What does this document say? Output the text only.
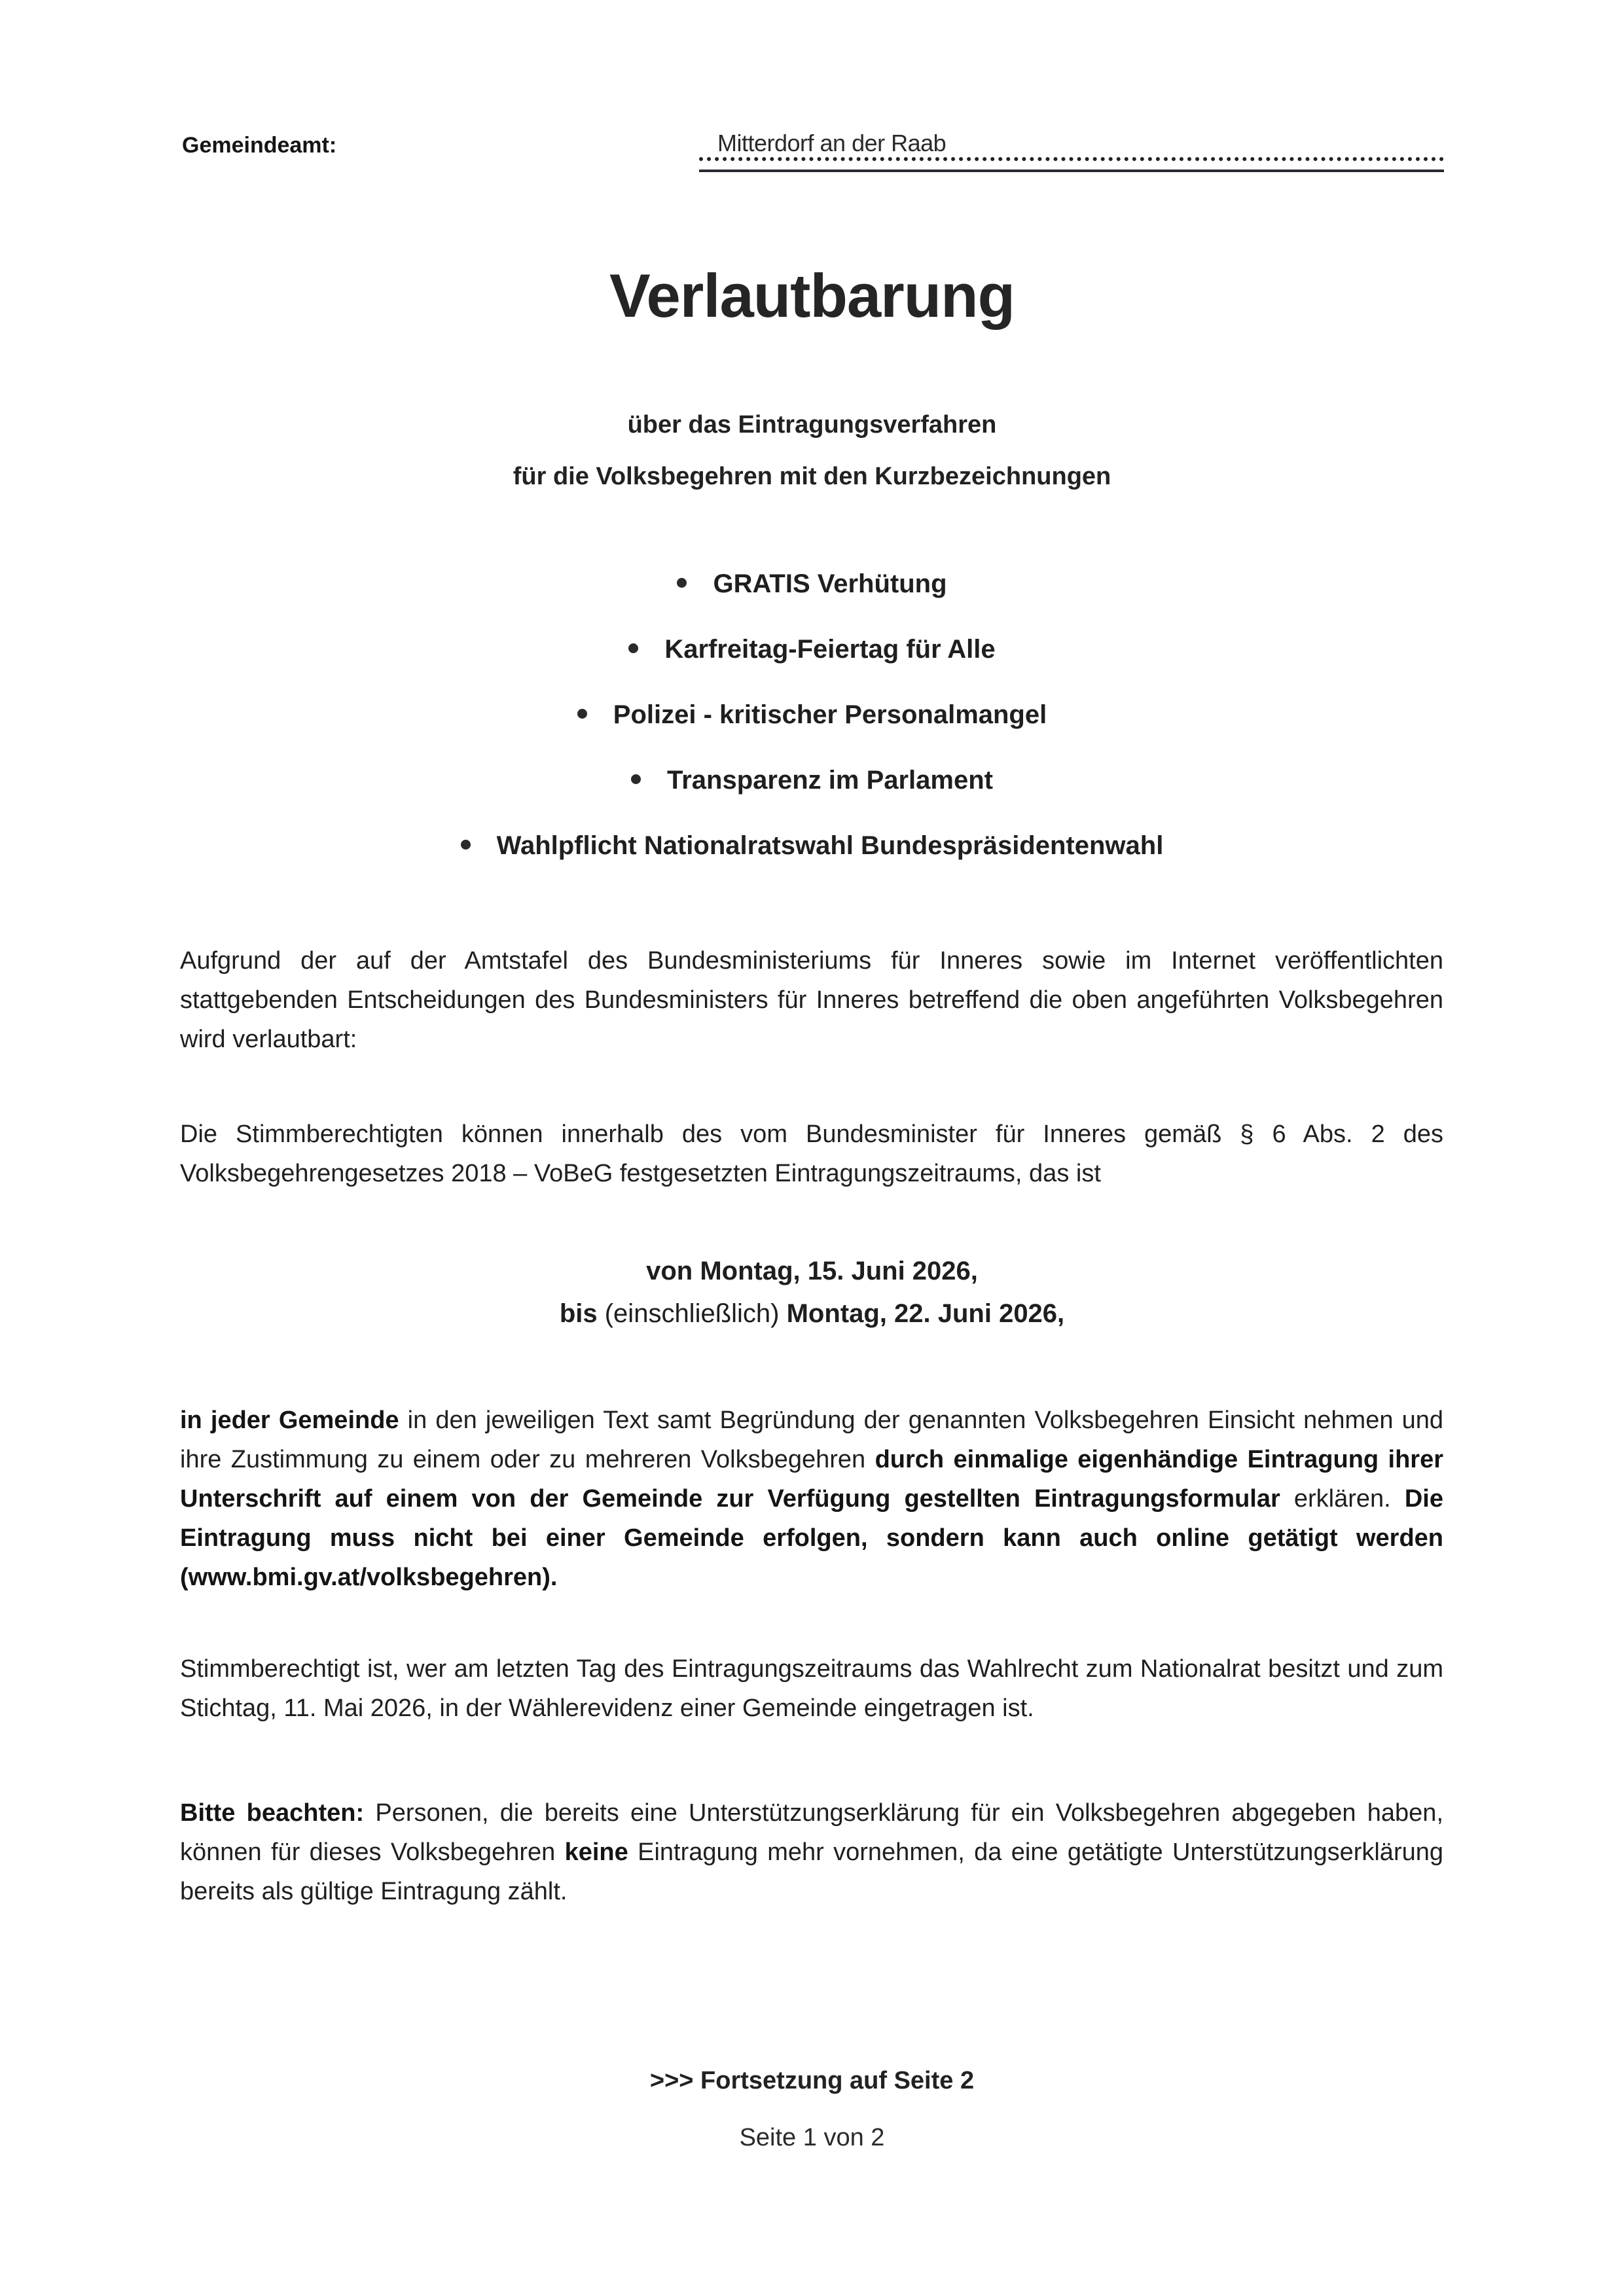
Gemeindeamt:	Mitterdorf an der Raab
Verlautbarung
über das Eintragungsverfahren
für die Volksbegehren mit den Kurzbezeichnungen
GRATIS Verhütung
Karfreitag-Feiertag für Alle
Polizei - kritischer Personalmangel
Transparenz im Parlament
Wahlpflicht Nationalratswahl Bundespräsidentenwahl
Aufgrund der auf der Amtstafel des Bundesministeriums für Inneres sowie im Internet veröffentlichten stattgebenden Entscheidungen des Bundesministers für Inneres betreffend die oben angeführten Volksbegehren wird verlautbart:
Die Stimmberechtigten können innerhalb des vom Bundesminister für Inneres gemäß § 6 Abs. 2 des Volksbegehrengesetzes 2018 – VoBeG festgesetzten Eintragungszeitraums, das ist
von Montag, 15. Juni 2026,
bis (einschließlich) Montag, 22. Juni 2026,
in jeder Gemeinde in den jeweiligen Text samt Begründung der genannten Volksbegehren Einsicht nehmen und ihre Zustimmung zu einem oder zu mehreren Volksbegehren durch einmalige eigenhändige Eintragung ihrer Unterschrift auf einem von der Gemeinde zur Verfügung gestellten Eintragungsformular erklären. Die Eintragung muss nicht bei einer Gemeinde erfolgen, sondern kann auch online getätigt werden (www.bmi.gv.at/volksbegehren).
Stimmberechtigt ist, wer am letzten Tag des Eintragungszeitraums das Wahlrecht zum Nationalrat besitzt und zum Stichtag, 11. Mai 2026, in der Wählerevidenz einer Gemeinde eingetragen ist.
Bitte beachten: Personen, die bereits eine Unterstützungserklärung für ein Volksbegehren abgegeben haben, können für dieses Volksbegehren keine Eintragung mehr vornehmen, da eine getätigte Unterstützungserklärung bereits als gültige Eintragung zählt.
>>> Fortsetzung auf Seite 2
Seite 1 von 2
